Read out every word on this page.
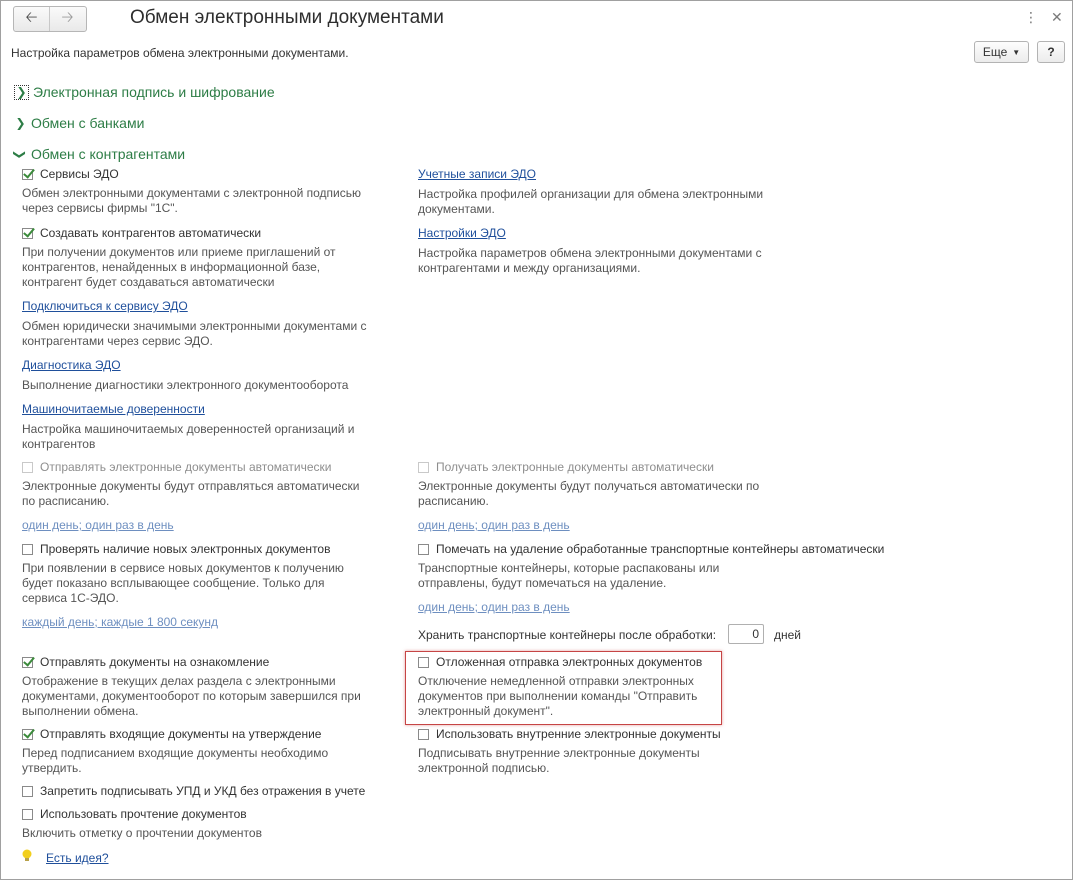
🡠 🡢	Обмен электронными документами	⋮ ✕
Настройка параметров обмена электронными документами.	Еще ▼	?
❯ Электронная подпись и шифрование
❯ Обмен с банками
❯ Обмен с контрагентами
Сервисы ЭДО
Обмен электронными документами с электронной подписью
через сервисы фирмы "1С".
Создавать контрагентов автоматически
При получении документов или приеме приглашений от
контрагентов, ненайденных в информационной базе,
контрагент будет создаваться автоматически
Подключиться к сервису ЭДО
Обмен юридически значимыми электронными документами с
контрагентами через сервис ЭДО.
Диагностика ЭДО
Выполнение диагностики электронного документооборота
Машиночитаемые доверенности
Настройка машиночитаемых доверенностей организаций и
контрагентов
Отправлять электронные документы автоматически
Электронные документы будут отправляться автоматически
по расписанию.
один день; один раз в день
Проверять наличие новых электронных документов
При появлении в сервисе новых документов к получению
будет показано всплывающее сообщение. Только для
сервиса 1С-ЭДО.
каждый день; каждые 1 800 секунд
Отправлять документы на ознакомление
Отображение в текущих делах раздела с электронными
документами, документооборот по которым завершился при
выполнении обмена.
Отправлять входящие документы на утверждение
Перед подписанием входящие документы необходимо
утвердить.
Запретить подписывать УПД и УКД без отражения в учете
Использовать прочтение документов
Включить отметку о прочтении документов
Есть идея?
Учетные записи ЭДО
Настройка профилей организации для обмена электронными
документами.
Настройки ЭДО
Настройка параметров обмена электронными документами с
контрагентами и между организациями.
Получать электронные документы автоматически
Электронные документы будут получаться автоматически по
расписанию.
один день; один раз в день
Помечать на удаление обработанные транспортные контейнеры автоматически
Транспортные контейнеры, которые распакованы или
отправлены, будут помечаться на удаление.
один день; один раз в день
Хранить транспортные контейнеры после обработки:	0	дней
Отложенная отправка электронных документов
Отключение немедленной отправки электронных
документов при выполнении команды "Отправить
электронный документ".
Использовать внутренние электронные документы
Подписывать внутренние электронные документы
электронной подписью.
